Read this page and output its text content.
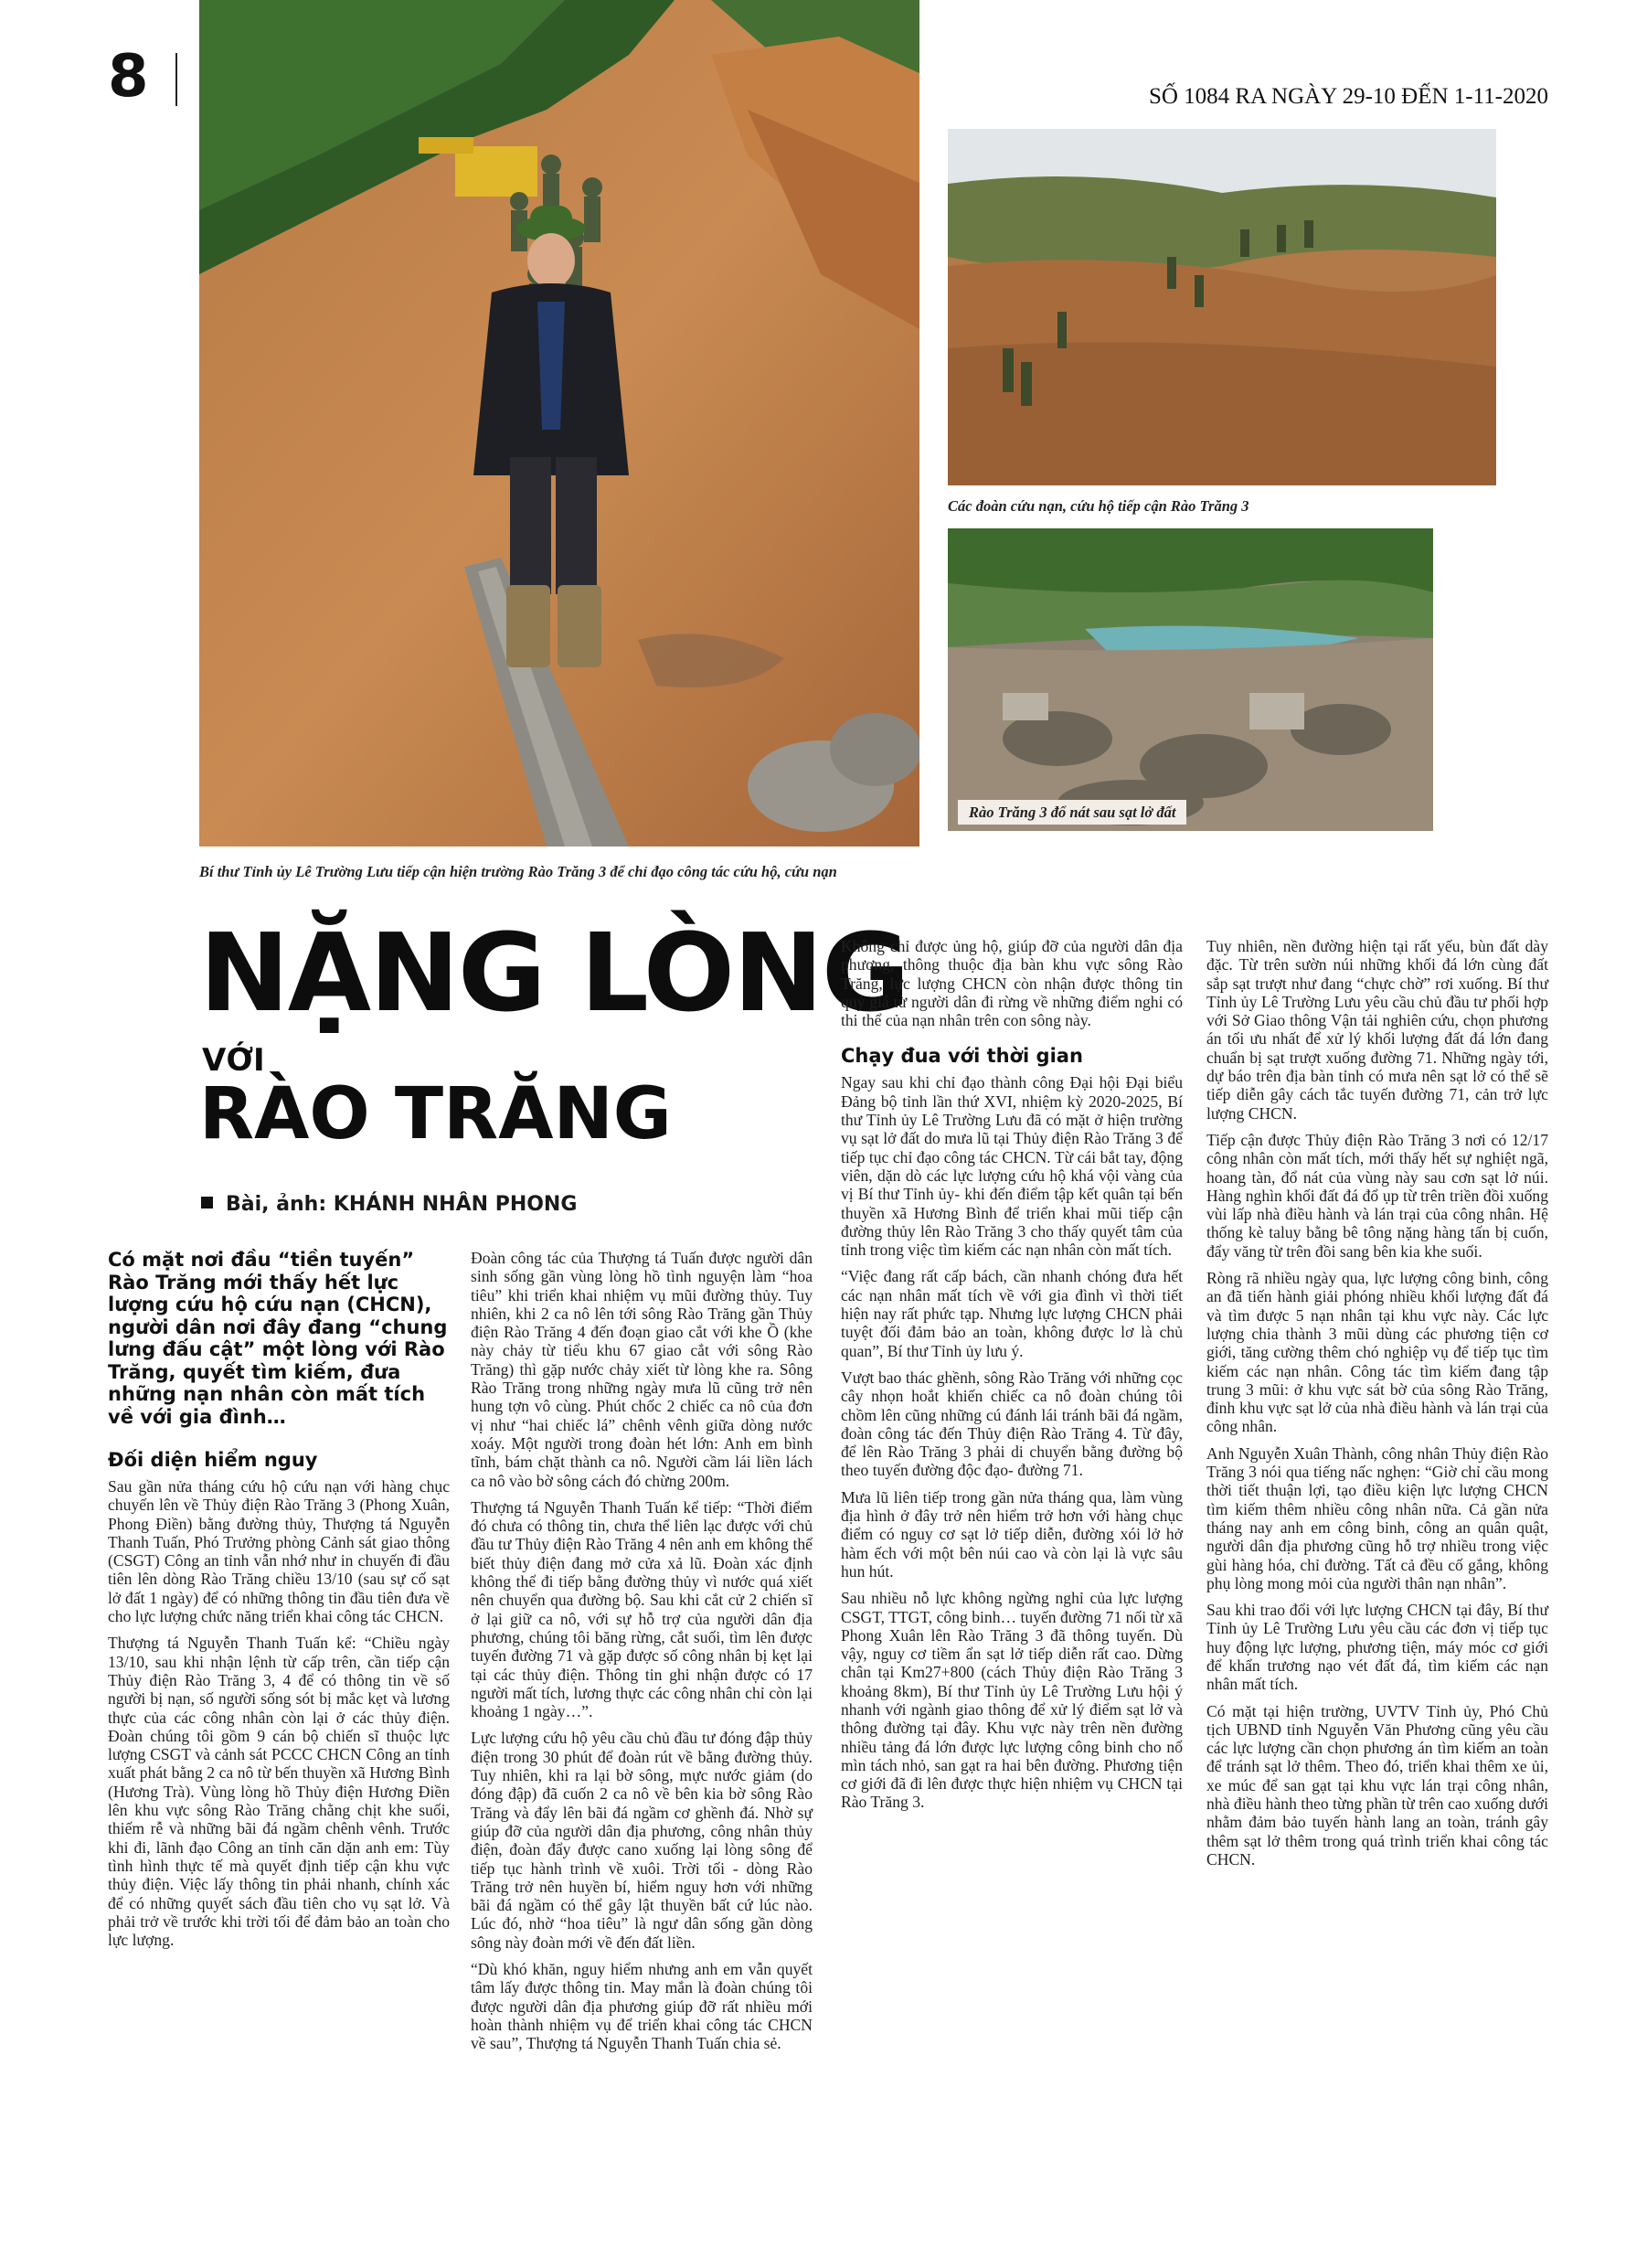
8	SỐ 1084 RA NGÀY 29-10 ĐẾN 1-11-2020
Bí thư Tỉnh ủy Lê Trường Lưu tiếp cận hiện trường Rào Trăng 3 để chỉ đạo công tác cứu hộ, cứu nạn
Các đoàn cứu nạn, cứu hộ tiếp cận Rào Trăng 3
Rào Trăng 3 đổ nát sau sạt lở đất
NẶNG LÒNG
VỚI
RÀO TRĂNG
Bài, ảnh: KHÁNH NHÂN PHONG

Có mặt nơi đầu “tiền tuyến” Rào Trăng mới thấy hết lực lượng cứu hộ cứu nạn (CHCN), người dân nơi đây đang “chung lưng đấu cật” một lòng với Rào Trăng, quyết tìm kiếm, đưa những nạn nhân còn mất tích về với gia đình…

Đối diện hiểm nguy

Sau gần nửa tháng cứu hộ cứu nạn với hàng chục chuyến lên về Thủy điện Rào Trăng 3 (Phong Xuân, Phong Điền) bằng đường thủy, Thượng tá Nguyễn Thanh Tuấn, Phó Trưởng phòng Cảnh sát giao thông (CSGT) Công an tỉnh vẫn nhớ như in chuyến đi đầu tiên lên dòng Rào Trăng chiều 13/10 (sau sự cố sạt lở đất 1 ngày) để có những thông tin đầu tiên đưa về cho lực lượng chức năng triển khai công tác CHCN.

Thượng tá Nguyễn Thanh Tuấn kể: “Chiều ngày 13/10, sau khi nhận lệnh từ cấp trên, cần tiếp cận Thủy điện Rào Trăng 3, 4 để có thông tin về số người bị nạn, số người sống sót bị mắc kẹt và lương thực của các công nhân còn lại ở các thủy điện. Đoàn chúng tôi gồm 9 cán bộ chiến sĩ thuộc lực lượng CSGT và cảnh sát PCCC CHCN Công an tỉnh xuất phát bằng 2 ca nô từ bến thuyền xã Hương Bình (Hương Trà). Vùng lòng hồ Thủy điện Hương Điền lên khu vực sông Rào Trăng chằng chịt khe suối, thiếm rễ và những bãi đá ngầm chênh vênh. Trước khi đi, lãnh đạo Công an tỉnh căn dặn anh em: Tùy tình hình thực tế mà quyết định tiếp cận khu vực thủy điện. Việc lấy thông tin phải nhanh, chính xác để có những quyết sách đầu tiên cho vụ sạt lở. Và phải trở về trước khi trời tối để đảm bảo an toàn cho lực lượng.

Đoàn công tác của Thượng tá Tuấn được người dân sinh sống gần vùng lòng hồ tình nguyện làm “hoa tiêu” khi triển khai nhiệm vụ mũi đường thủy. Tuy nhiên, khi 2 ca nô lên tới sông Rào Trăng gần Thủy điện Rào Trăng 4 đến đoạn giao cắt với khe Ồ (khe này chảy từ tiểu khu 67 giao cắt với sông Rào Trăng) thì gặp nước chảy xiết từ lòng khe ra. Sông Rào Trăng trong những ngày mưa lũ cũng trở nên hung tợn vô cùng. Phút chốc 2 chiếc ca nô của đơn vị như “hai chiếc lá” chênh vênh giữa dòng nước xoáy. Một người trong đoàn hét lớn: Anh em bình tĩnh, bám chặt thành ca nô. Người cầm lái liền lách ca nô vào bờ sông cách đó chừng 200m.

Thượng tá Nguyễn Thanh Tuấn kể tiếp: “Thời điểm đó chưa có thông tin, chưa thể liên lạc được với chủ đầu tư Thủy điện Rào Trăng 4 nên anh em không thể biết thủy điện đang mở cửa xả lũ. Đoàn xác định không thể đi tiếp bằng đường thủy vì nước quá xiết nên chuyển qua đường bộ. Sau khi cắt cử 2 chiến sĩ ở lại giữ ca nô, với sự hỗ trợ của người dân địa phương, chúng tôi băng rừng, cắt suối, tìm lên được tuyến đường 71 và gặp được số công nhân bị kẹt lại tại các thủy điện. Thông tin ghi nhận được có 17 người mất tích, lương thực các công nhân chỉ còn lại khoảng 1 ngày…”.

Lực lượng cứu hộ yêu cầu chủ đầu tư đóng đập thủy điện trong 30 phút để đoàn rút về bằng đường thủy. Tuy nhiên, khi ra lại bờ sông, mực nước giảm (do đóng đập) đã cuốn 2 ca nô về bên kia bờ sông Rào Trăng và đẩy lên bãi đá ngầm cơ ghềnh đá. Nhờ sự giúp đỡ của người dân địa phương, công nhân thủy điện, đoàn đẩy được cano xuống lại lòng sông để tiếp tục hành trình về xuôi. Trời tối - dòng Rào Trăng trở nên huyền bí, hiểm nguy hơn với những bãi đá ngầm có thể gây lật thuyền bất cứ lúc nào. Lúc đó, nhờ “hoa tiêu” là ngư dân sống gần dòng sông này đoàn mới về đến đất liền.

“Dù khó khăn, nguy hiểm nhưng anh em vẫn quyết tâm lấy được thông tin. May mắn là đoàn chúng tôi được người dân địa phương giúp đỡ rất nhiều mới hoàn thành nhiệm vụ để triển khai công tác CHCN về sau”, Thượng tá Nguyễn Thanh Tuấn chia sẻ.

Không chỉ được ủng hộ, giúp đỡ của người dân địa phương, thông thuộc địa bàn khu vực sông Rào Trăng, lực lượng CHCN còn nhận được thông tin quý giá từ người dân đi rừng về những điểm nghi có thi thể của nạn nhân trên con sông này.

Chạy đua với thời gian

Ngay sau khi chỉ đạo thành công Đại hội Đại biểu Đảng bộ tỉnh lần thứ XVI, nhiệm kỳ 2020-2025, Bí thư Tỉnh ủy Lê Trường Lưu đã có mặt ở hiện trường vụ sạt lở đất do mưa lũ tại Thủy điện Rào Trăng 3 để tiếp tục chỉ đạo công tác CHCN. Từ cái bắt tay, động viên, dặn dò các lực lượng cứu hộ khá vội vàng của vị Bí thư Tỉnh ủy- khi đến điểm tập kết quân tại bến thuyền xã Hương Bình để triển khai mũi tiếp cận đường thủy lên Rào Trăng 3 cho thấy quyết tâm của tỉnh trong việc tìm kiếm các nạn nhân còn mất tích.

“Việc đang rất cấp bách, cần nhanh chóng đưa hết các nạn nhân mất tích về với gia đình vì thời tiết hiện nay rất phức tạp. Nhưng lực lượng CHCN phải tuyệt đối đảm bảo an toàn, không được lơ là chủ quan”, Bí thư Tỉnh ủy lưu ý.

Vượt bao thác ghềnh, sông Rào Trăng với những cọc cây nhọn hoắt khiến chiếc ca nô đoàn chúng tôi chồm lên cũng những cú đánh lái tránh bãi đá ngầm, đoàn công tác đến Thủy điện Rào Trăng 4. Từ đây, để lên Rào Trăng 3 phải di chuyển bằng đường bộ theo tuyến đường độc đạo- đường 71.

Mưa lũ liên tiếp trong gần nửa tháng qua, làm vùng địa hình ở đây trở nên hiểm trở hơn với hàng chục điểm có nguy cơ sạt lở tiếp diễn, đường xói lở hở hàm ếch với một bên núi cao và còn lại là vực sâu hun hút.

Sau nhiều nỗ lực không ngừng nghỉ của lực lượng CSGT, TTGT, công binh… tuyến đường 71 nối từ xã Phong Xuân lên Rào Trăng 3 đã thông tuyến. Dù vậy, nguy cơ tiềm ẩn sạt lở tiếp diễn rất cao. Dừng chân tại Km27+800 (cách Thủy điện Rào Trăng 3 khoảng 8km), Bí thư Tỉnh ủy Lê Trường Lưu hội ý nhanh với ngành giao thông để xử lý điểm sạt lở và thông đường tại đây. Khu vực này trên nền đường nhiều tảng đá lớn được lực lượng công binh cho nổ mìn tách nhỏ, san gạt ra hai bên đường. Phương tiện cơ giới đã đi lên được thực hiện nhiệm vụ CHCN tại Rào Trăng 3.

Tuy nhiên, nền đường hiện tại rất yếu, bùn đất dày đặc. Từ trên sườn núi những khối đá lớn cùng đất sắp sạt trượt như đang “chực chờ” rơi xuống. Bí thư Tỉnh ủy Lê Trường Lưu yêu cầu chủ đầu tư phối hợp với Sở Giao thông Vận tải nghiên cứu, chọn phương án tối ưu nhất để xử lý khối lượng đất đá lớn đang chuẩn bị sạt trượt xuống đường 71. Những ngày tới, dự báo trên địa bàn tỉnh có mưa nên sạt lở có thể sẽ tiếp diễn gây cách tắc tuyến đường 71, cản trở lực lượng CHCN.

Tiếp cận được Thủy điện Rào Trăng 3 nơi có 12/17 công nhân còn mất tích, mới thấy hết sự nghiệt ngã, hoang tàn, đổ nát của vùng này sau cơn sạt lở núi. Hàng nghìn khối đất đá đổ ụp từ trên triền đồi xuống vùi lấp nhà điều hành và lán trại của công nhân. Hệ thống kè taluy bằng bê tông nặng hàng tấn bị cuốn, đẩy văng từ trên đồi sang bên kia khe suối.

Ròng rã nhiều ngày qua, lực lượng công binh, công an đã tiến hành giải phóng nhiều khối lượng đất đá và tìm được 5 nạn nhân tại khu vực này. Các lực lượng chia thành 3 mũi dùng các phương tiện cơ giới, tăng cường thêm chó nghiệp vụ để tiếp tục tìm kiếm các nạn nhân. Công tác tìm kiếm đang tập trung 3 mũi: ở khu vực sát bờ của sông Rào Trăng, đỉnh khu vực sạt lở của nhà điều hành và lán trại của công nhân.

Anh Nguyễn Xuân Thành, công nhân Thủy điện Rào Trăng 3 nói qua tiếng nấc nghẹn: “Giờ chỉ cầu mong thời tiết thuận lợi, tạo điều kiện lực lượng CHCN tìm kiếm thêm nhiều công nhân nữa. Cả gần nửa tháng nay anh em công binh, công an quân quật, người dân địa phương cũng hỗ trợ nhiều trong việc gùi hàng hóa, chỉ đường. Tất cả đều cố gắng, không phụ lòng mong mỏi của người thân nạn nhân”.

Sau khi trao đổi với lực lượng CHCN tại đây, Bí thư Tỉnh ủy Lê Trường Lưu yêu cầu các đơn vị tiếp tục huy động lực lượng, phương tiện, máy móc cơ giới để khẩn trương nạo vét đất đá, tìm kiếm các nạn nhân mất tích.

Có mặt tại hiện trường, UVTV Tỉnh ủy, Phó Chủ tịch UBND tỉnh Nguyễn Văn Phương cũng yêu cầu các lực lượng cần chọn phương án tìm kiếm an toàn để tránh sạt lở thêm. Theo đó, triển khai thêm xe ủi, xe múc để san gạt tại khu vực lán trại công nhân, nhà điều hành theo từng phần từ trên cao xuống dưới nhằm đảm bảo tuyến hành lang an toàn, tránh gây thêm sạt lở thêm trong quá trình triển khai công tác CHCN.
